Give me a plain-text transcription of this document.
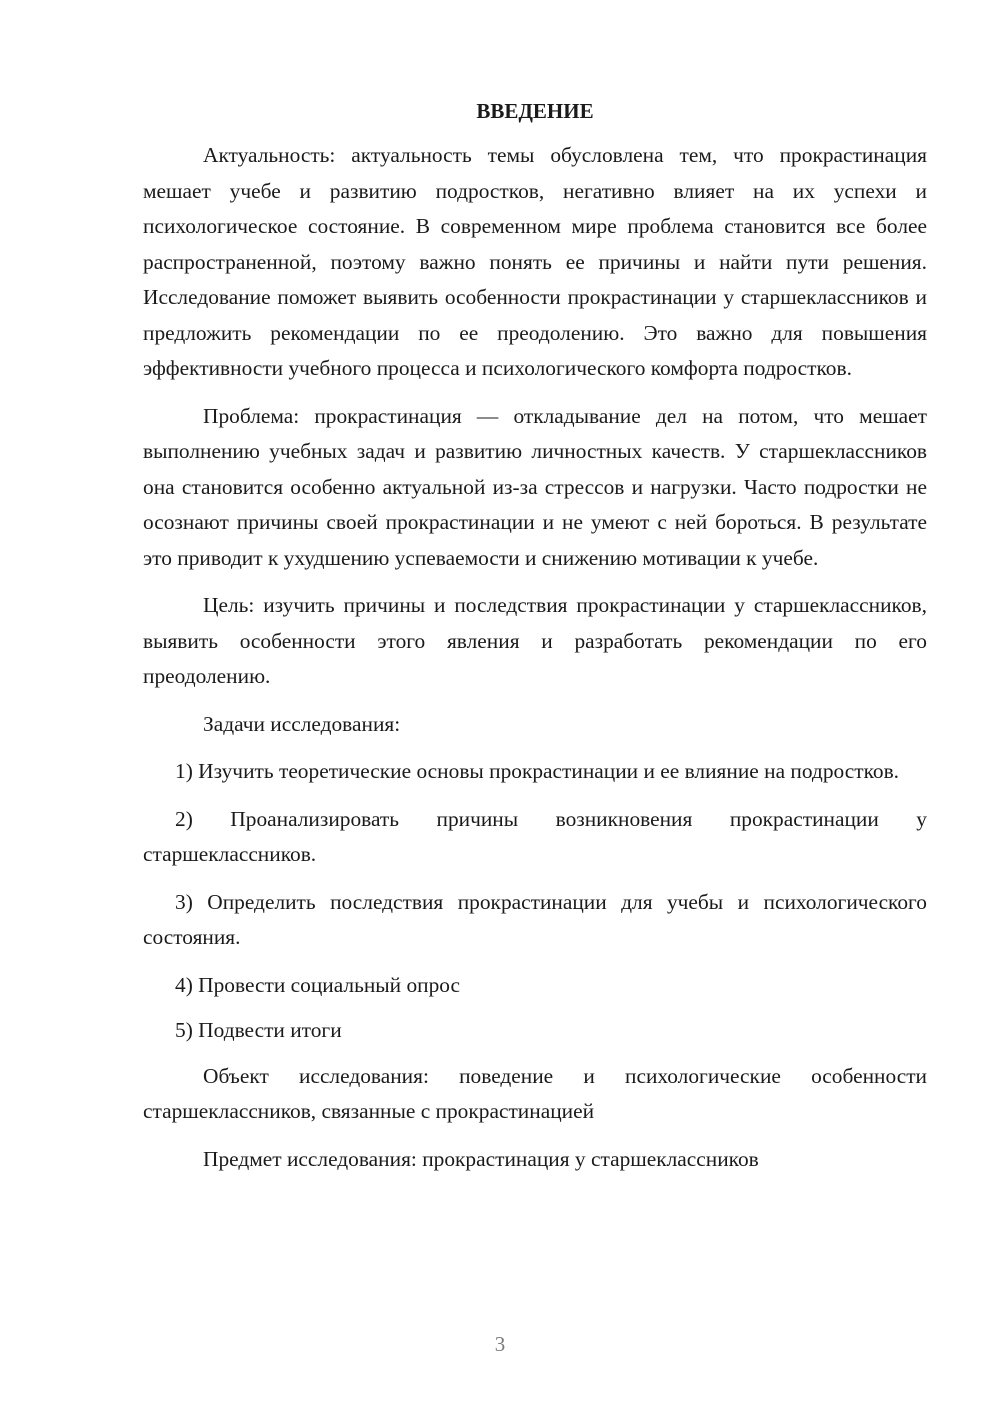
ВВЕДЕНИЕ

Актуальность: актуальность темы обусловлена тем, что прокрастинация мешает учебе и развитию подростков, негативно влияет на их успехи и психологическое состояние. В современном мире проблема становится все более распространенной, поэтому важно понять ее причины и найти пути решения. Исследование поможет выявить особенности прокрастинации у старшеклассников и предложить рекомендации по ее преодолению. Это важно для повышения эффективности учебного процесса и психологического комфорта подростков.

Проблема: прокрастинация — откладывание дел на потом, что мешает выполнению учебных задач и развитию личностных качеств. У старшеклассников она становится особенно актуальной из-за стрессов и нагрузки. Часто подростки не осознают причины своей прокрастинации и не умеют с ней бороться. В результате это приводит к ухудшению успеваемости и снижению мотивации к учебе.

Цель: изучить причины и последствия прокрастинации у старшеклассников, выявить особенности этого явления и разработать рекомендации по его преодолению.

Задачи исследования:

1) Изучить теоретические основы прокрастинации и ее влияние на подростков.

2) Проанализировать причины возникновения прокрастинации у старшеклассников.

3) Определить последствия прокрастинации для учебы и психологического состояния.

4) Провести социальный опрос

5) Подвести итоги

Объект исследования: поведение и психологические особенности старшеклассников, связанные с прокрастинацией

Предмет исследования: прокрастинация у старшеклассников

3
